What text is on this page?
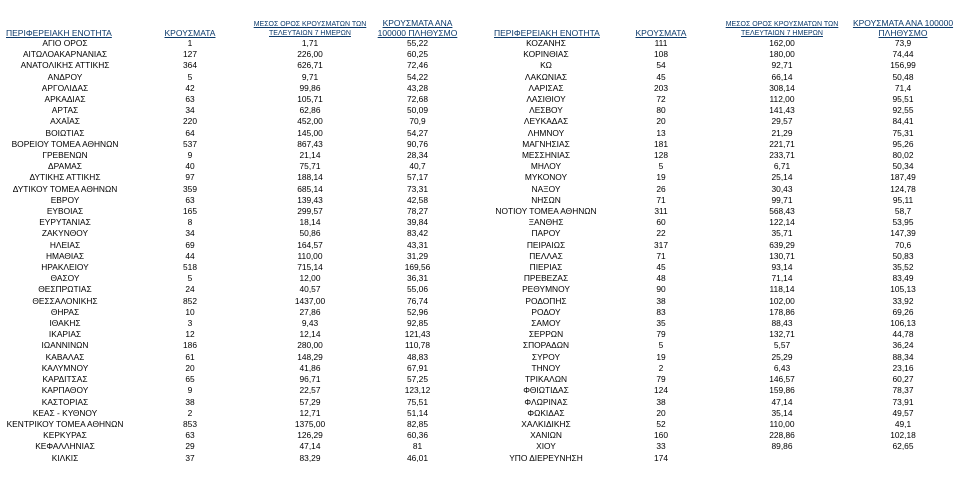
ΠΕΡΙΦΕΡΕΙΑΚΗ ΕΝΟΤΗΤΑ	ΚΡΟΥΣΜΑΤΑ	ΜΕΣΟΣ ΟΡΟΣ ΚΡΟΥΣΜΑΤΩΝ ΤΩΝ ΤΕΛΕΥΤΑΙΩΝ 7 ΗΜΕΡΩΝ	ΚΡΟΥΣΜΑΤΑ ΑΝΑ 100000 ΠΛΗΘΥΣΜΟ
ΑΓΙΟ ΟΡΟΣ	1	1,71	55,22
ΑΙΤΩΛΟΑΚΑΡΝΑΝΙΑΣ	127	226,00	60,25
ΑΝΑΤΟΛΙΚΗΣ ΑΤΤΙΚΗΣ	364	626,71	72,46
ΑΝΔΡΟΥ	5	9,71	54,22
ΑΡΓΟΛΙΔΑΣ	42	99,86	43,28
ΑΡΚΑΔΙΑΣ	63	105,71	72,68
ΑΡΤΑΣ	34	62,86	50,09
ΑΧΑΪΑΣ	220	452,00	70,9
ΒΟΙΩΤΙΑΣ	64	145,00	54,27
ΒΟΡΕΙΟΥ ΤΟΜΕΑ ΑΘΗΝΩΝ	537	867,43	90,76
ΓΡΕΒΕΝΩΝ	9	21,14	28,34
ΔΡΑΜΑΣ	40	75,71	40,7
ΔΥΤΙΚΗΣ ΑΤΤΙΚΗΣ	97	188,14	57,17
ΔΥΤΙΚΟΥ ΤΟΜΕΑ ΑΘΗΝΩΝ	359	685,14	73,31
ΕΒΡΟΥ	63	139,43	42,58
ΕΥΒΟΙΑΣ	165	299,57	78,27
ΕΥΡΥΤΑΝΙΑΣ	8	18,14	39,84
ΖΑΚΥΝΘΟΥ	34	50,86	83,42
ΗΛΕΙΑΣ	69	164,57	43,31
ΗΜΑΘΙΑΣ	44	110,00	31,29
ΗΡΑΚΛΕΙΟΥ	518	715,14	169,56
ΘΑΣΟΥ	5	12,00	36,31
ΘΕΣΠΡΩΤΙΑΣ	24	40,57	55,06
ΘΕΣΣΑΛΟΝΙΚΗΣ	852	1437,00	76,74
ΘΗΡΑΣ	10	27,86	52,96
ΙΘΑΚΗΣ	3	9,43	92,85
ΙΚΑΡΙΑΣ	12	12,14	121,43
ΙΩΑΝΝΙΝΩΝ	186	280,00	110,78
ΚΑΒΑΛΑΣ	61	148,29	48,83
ΚΑΛΥΜΝΟΥ	20	41,86	67,91
ΚΑΡΔΙΤΣΑΣ	65	96,71	57,25
ΚΑΡΠΑΘΟΥ	9	22,57	123,12
ΚΑΣΤΟΡΙΑΣ	38	57,29	75,51
ΚΕΑΣ - ΚΥΘΝΟΥ	2	12,71	51,14
ΚΕΝΤΡΙΚΟΥ ΤΟΜΕΑ ΑΘΗΝΩΝ	853	1375,00	82,85
ΚΕΡΚΥΡΑΣ	63	126,29	60,36
ΚΕΦΑΛΛΗΝΙΑΣ	29	47,14	81
ΚΙΛΚΙΣ	37	83,29	46,01
ΠΕΡΙΦΕΡΕΙΑΚΗ ΕΝΟΤΗΤΑ	ΚΡΟΥΣΜΑΤΑ	ΜΕΣΟΣ ΟΡΟΣ ΚΡΟΥΣΜΑΤΩΝ ΤΩΝ ΤΕΛΕΥΤΑΙΩΝ 7 ΗΜΕΡΩΝ	ΚΡΟΥΣΜΑΤΑ ΑΝΑ 100000 ΠΛΗΘΥΣΜΟ
ΚΟΖΑΝΗΣ	111	162,00	73,9
ΚΟΡΙΝΘΙΑΣ	108	180,00	74,44
ΚΩ	54	92,71	156,99
ΛΑΚΩΝΙΑΣ	45	66,14	50,48
ΛΑΡΙΣΑΣ	203	308,14	71,4
ΛΑΣΙΘΙΟΥ	72	112,00	95,51
ΛΕΣΒΟΥ	80	141,43	92,55
ΛΕΥΚΑΔΑΣ	20	29,57	84,41
ΛΗΜΝΟΥ	13	21,29	75,31
ΜΑΓΝΗΣΙΑΣ	181	221,71	95,26
ΜΕΣΣΗΝΙΑΣ	128	233,71	80,02
ΜΗΛΟΥ	5	6,71	50,34
ΜΥΚΟΝΟΥ	19	25,14	187,49
ΝΑΞΟΥ	26	30,43	124,78
ΝΗΣΩΝ	71	99,71	95,11
ΝΟΤΙΟΥ ΤΟΜΕΑ ΑΘΗΝΩΝ	311	568,43	58,7
ΞΑΝΘΗΣ	60	122,14	53,95
ΠΑΡΟΥ	22	35,71	147,39
ΠΕΙΡΑΙΩΣ	317	639,29	70,6
ΠΕΛΛΑΣ	71	130,71	50,83
ΠΙΕΡΙΑΣ	45	93,14	35,52
ΠΡΕΒΕΖΑΣ	48	71,14	83,49
ΡΕΘΥΜΝΟΥ	90	118,14	105,13
ΡΟΔΟΠΗΣ	38	102,00	33,92
ΡΟΔΟΥ	83	178,86	69,26
ΣΑΜΟΥ	35	88,43	106,13
ΣΕΡΡΩΝ	79	132,71	44,78
ΣΠΟΡΑΔΩΝ	5	5,57	36,24
ΣΥΡΟΥ	19	25,29	88,34
ΤΗΝΟΥ	2	6,43	23,16
ΤΡΙΚΑΛΩΝ	79	146,57	60,27
ΦΘΙΩΤΙΔΑΣ	124	159,86	78,37
ΦΛΩΡΙΝΑΣ	38	47,14	73,91
ΦΩΚΙΔΑΣ	20	35,14	49,57
ΧΑΛΚΙΔΙΚΗΣ	52	110,00	49,1
ΧΑΝΙΩΝ	160	228,86	102,18
ΧΙΟΥ	33	89,86	62,65
ΥΠΟ ΔΙΕΡΕΥΝΗΣΗ	174		
